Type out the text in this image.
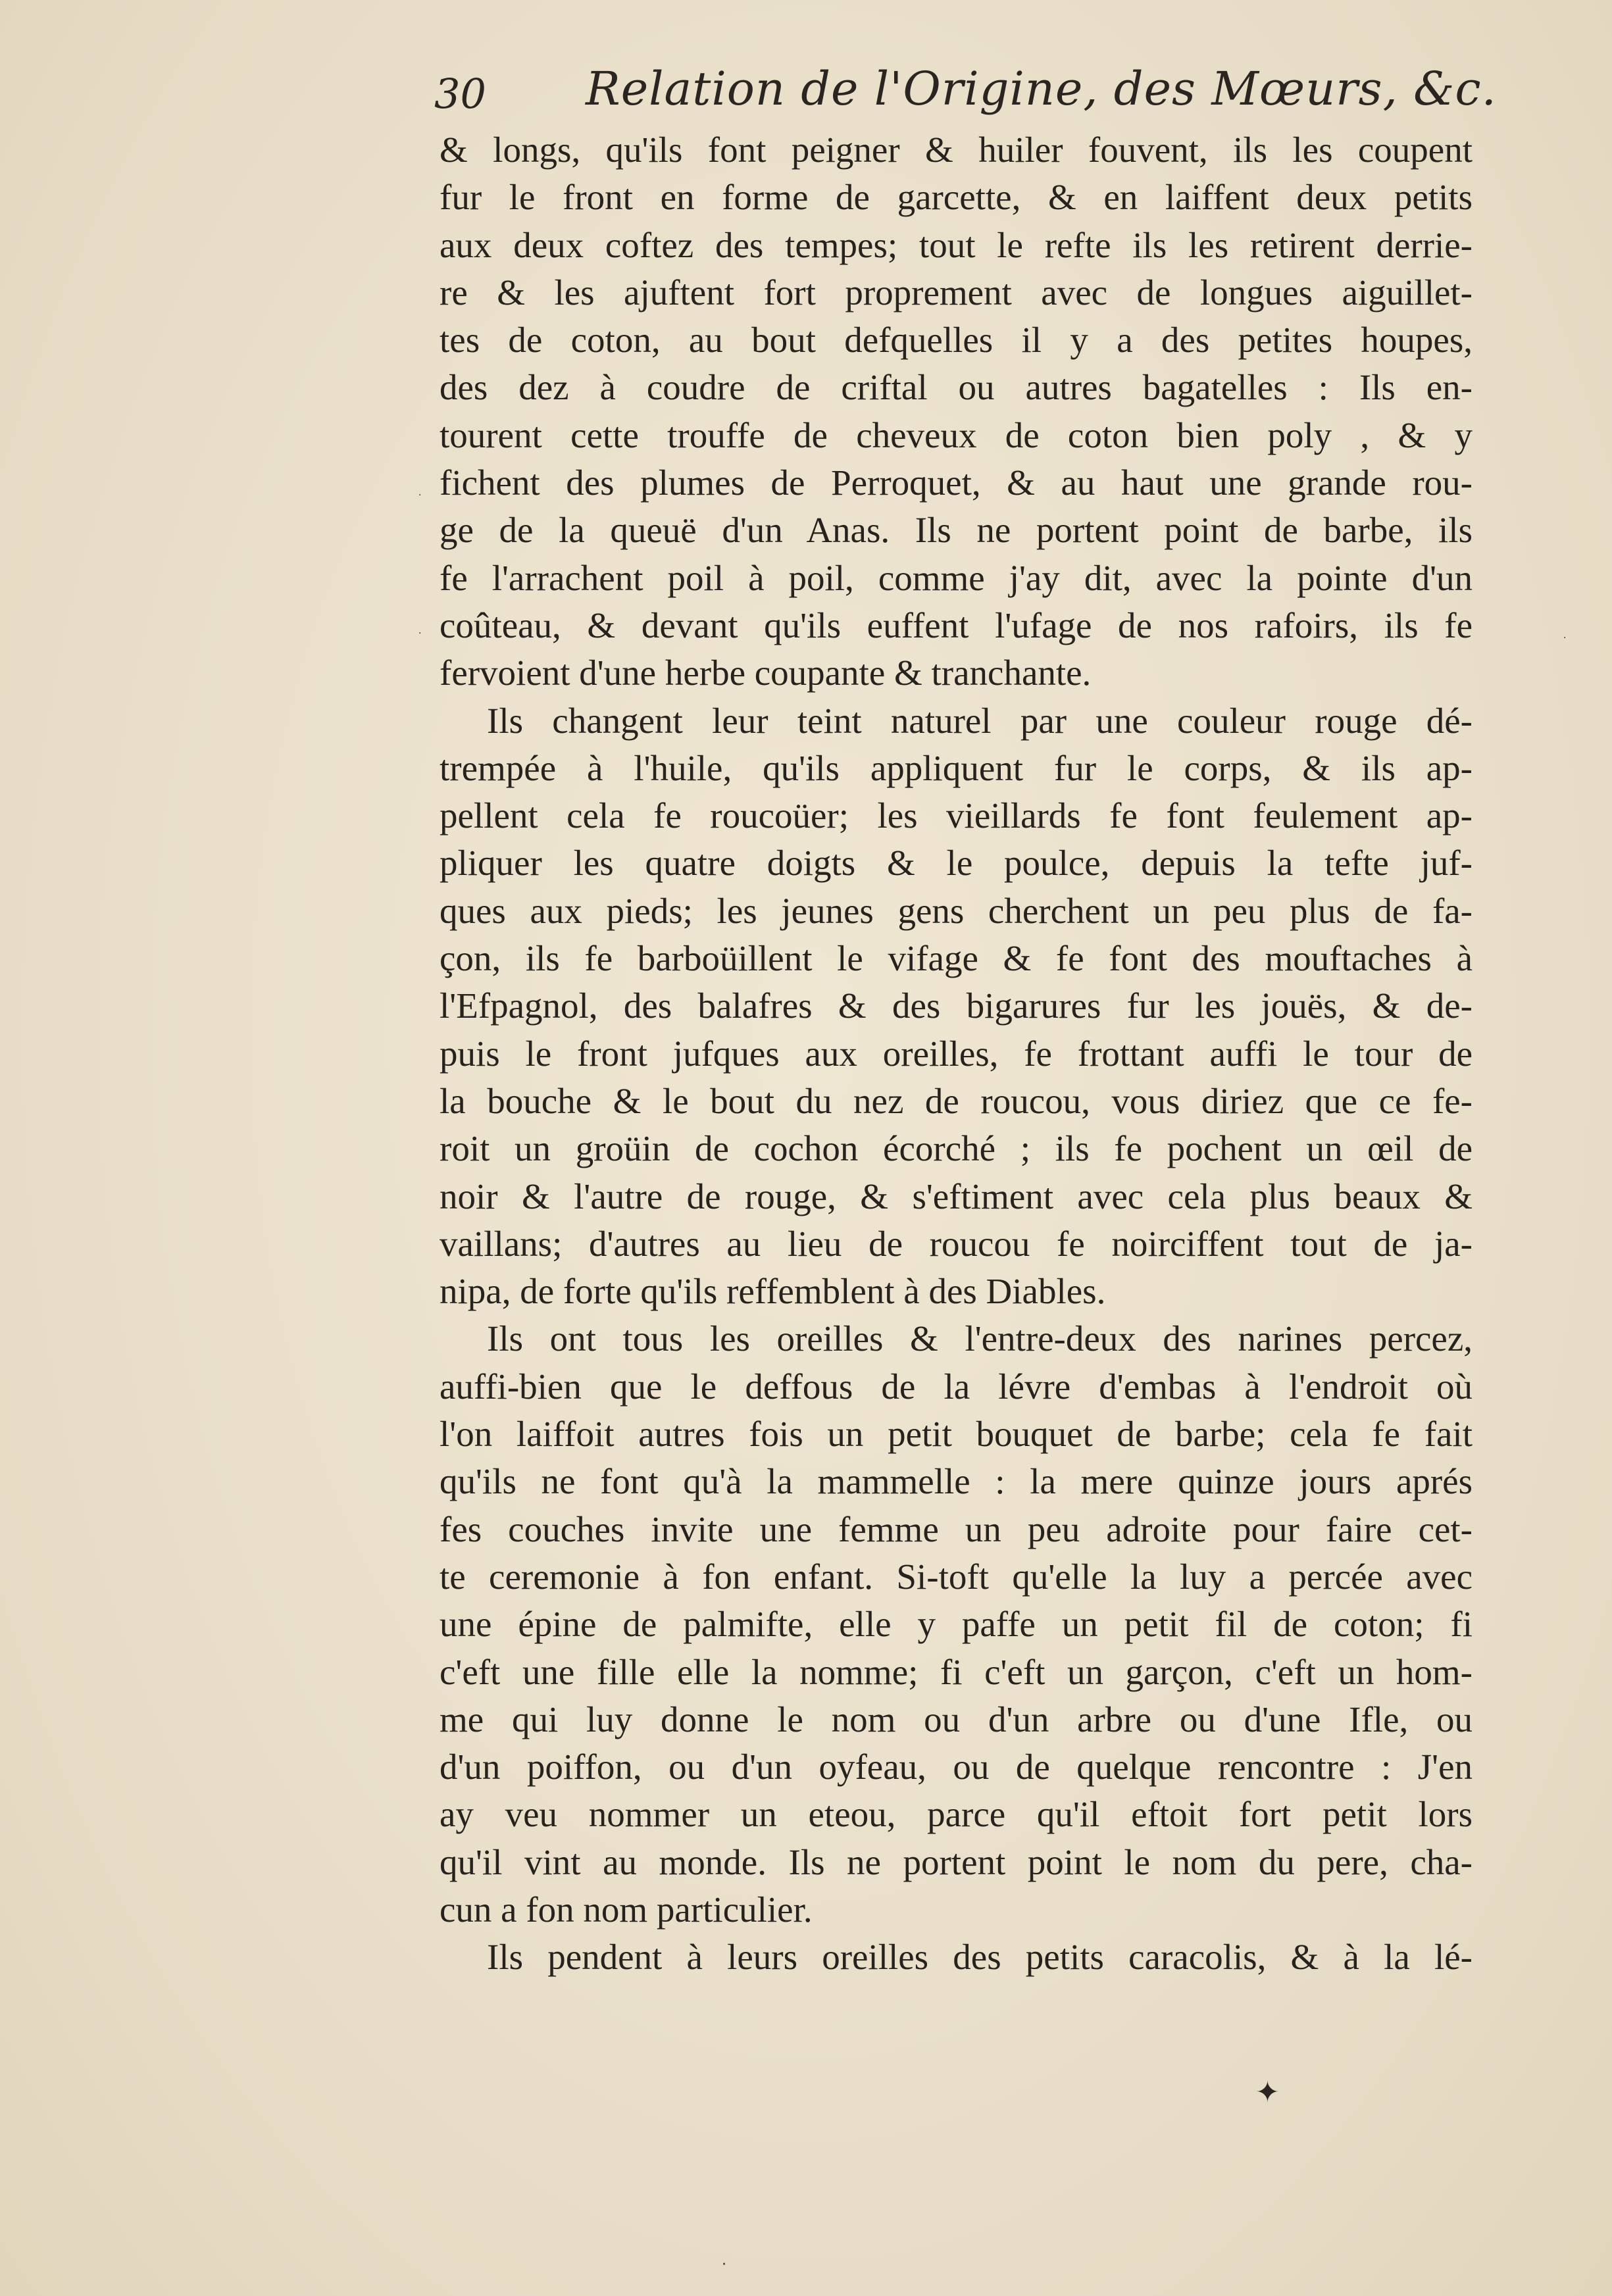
30 Relation de l'Origine, des Mœurs, &c.
& longs, qu'ils font peigner & huiler fouvent, ils les coupent
fur le front en forme de garcette, & en laiffent deux petits
aux deux coftez des tempes; tout le refte ils les retirent derrie-
re & les ajuftent fort proprement avec de longues aiguillet-
tes de coton, au bout defquelles il y a des petites houpes,
des dez à coudre de criftal ou autres bagatelles : Ils en-
tourent cette trouffe de cheveux de coton bien poly , & y
fichent des plumes de Perroquet, & au haut une grande rou-
ge de la queuë d'un Anas. Ils ne portent point de barbe, ils
fe l'arrachent poil à poil, comme j'ay dit, avec la pointe d'un
coûteau, & devant qu'ils euffent l'ufage de nos rafoirs, ils fe
fervoient d'une herbe coupante & tranchante.
Ils changent leur teint naturel par une couleur rouge dé-
trempée à l'huile, qu'ils appliquent fur le corps, & ils ap-
pellent cela fe roucoüer; les vieillards fe font feulement ap-
pliquer les quatre doigts & le poulce, depuis la tefte juf-
ques aux pieds; les jeunes gens cherchent un peu plus de fa-
çon, ils fe barboüillent le vifage & fe font des mouftaches à
l'Efpagnol, des balafres & des bigarures fur les jouës, & de-
puis le front jufques aux oreilles, fe frottant auffi le tour de
la bouche & le bout du nez de roucou, vous diriez que ce fe-
roit un groüin de cochon écorché ; ils fe pochent un œil de
noir & l'autre de rouge, & s'eftiment avec cela plus beaux &
vaillans; d'autres au lieu de roucou fe noirciffent tout de ja-
nipa, de forte qu'ils reffemblent à des Diables.
Ils ont tous les oreilles & l'entre-deux des narines percez,
auffi-bien que le deffous de la lévre d'embas à l'endroit où
l'on laiffoit autres fois un petit bouquet de barbe; cela fe fait
qu'ils ne font qu'à la mammelle : la mere quinze jours aprés
fes couches invite une femme un peu adroite pour faire cet-
te ceremonie à fon enfant. Si-toft qu'elle la luy a percée avec
une épine de palmifte, elle y paffe un petit fil de coton; fi
c'eft une fille elle la nomme; fi c'eft un garçon, c'eft un hom-
me qui luy donne le nom ou d'un arbre ou d'une Ifle, ou
d'un poiffon, ou d'un oyfeau, ou de quelque rencontre : J'en
ay veu nommer un eteou, parce qu'il eftoit fort petit lors
qu'il vint au monde. Ils ne portent point le nom du pere, cha-
cun a fon nom particulier.
Ils pendent à leurs oreilles des petits caracolis, & à la lé-
✦
·
·	·
·
